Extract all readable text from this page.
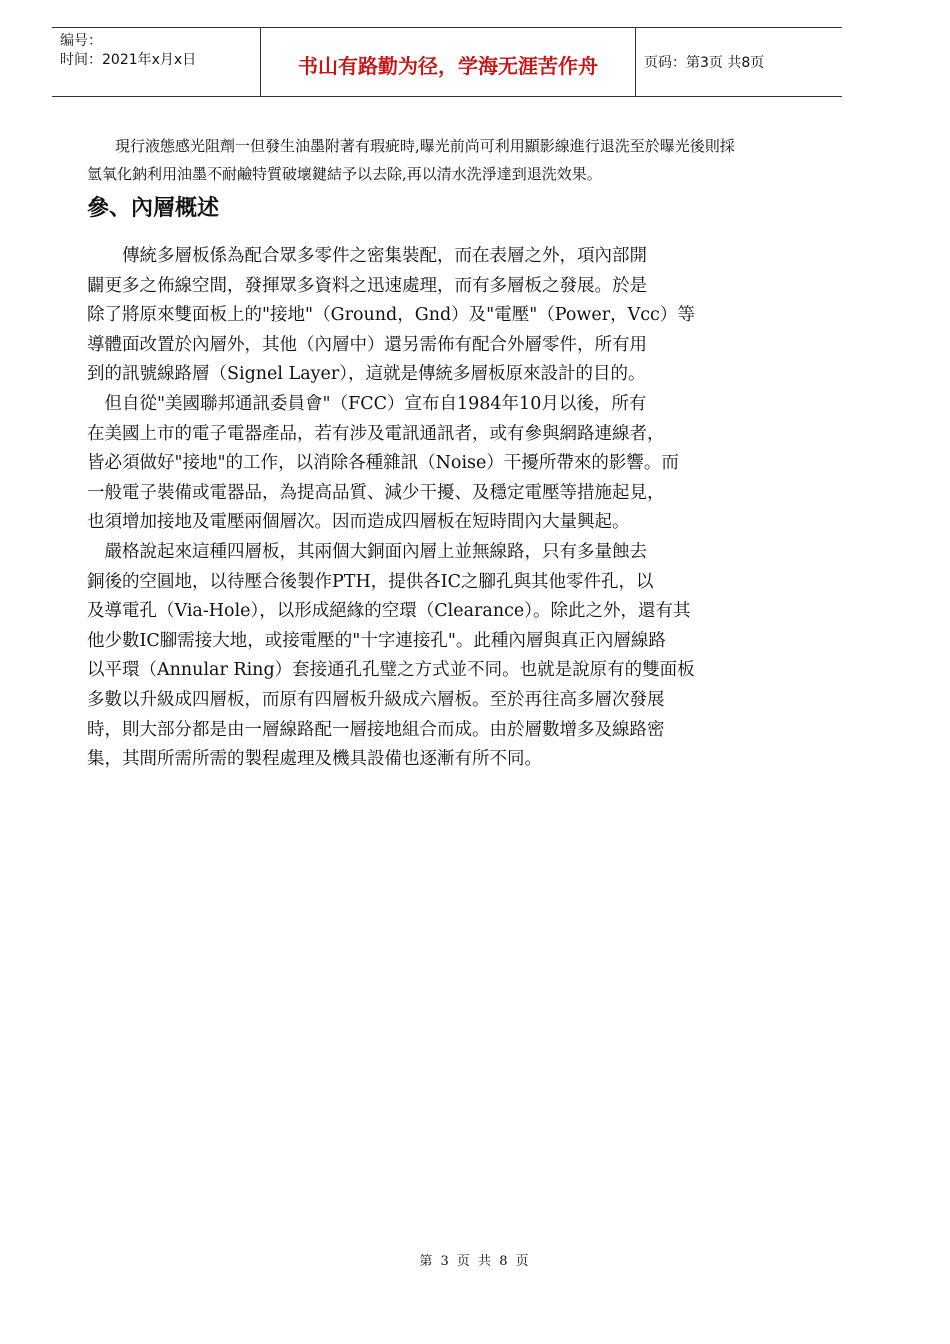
编号：
时间：2021年x月x日	书山有路勤为径，学海无涯苦作舟	页码：第3页 共8页

現行液態感光阻劑一但發生油墨附著有瑕疵時,曝光前尚可利用顯影線進行退洗至於曝光後則採
氫氧化鈉利用油墨不耐鹼特質破壞鍵結予以去除,再以清水洗淨達到退洗效果。

參、內層概述

　　傳統多層板係為配合眾多零件之密集裝配，而在表層之外，項內部開
闢更多之佈線空間，發揮眾多資料之迅速處理，而有多層板之發展。於是
除了將原來雙面板上的"接地"（Ground，Gnd）及"電壓"（Power，Vcc）等
導體面改置於內層外，其他（內層中）還另需佈有配合外層零件，所有用
到的訊號線路層（Signel Layer），這就是傳統多層板原來設計的目的。

　但自從"美國聯邦通訊委員會"（FCC）宣布自1984年10月以後，所有
在美國上市的電子電器產品，若有涉及電訊通訊者，或有參與網路連線者，
皆必須做好"接地"的工作，以消除各種雜訊（Noise）干擾所帶來的影響。而
一般電子裝備或電器品，為提高品質、減少干擾、及穩定電壓等措施起見，
也須增加接地及電壓兩個層次。因而造成四層板在短時間內大量興起。

　嚴格說起來這種四層板，其兩個大銅面內層上並無線路，只有多量蝕去
銅後的空圓地，以待壓合後製作PTH，提供各IC之腳孔與其他零件孔，以
及導電孔（Via-Hole），以形成絕緣的空環（Clearance）。除此之外，還有其
他少數IC腳需接大地，或接電壓的"十字連接孔"。此種內層與真正內層線路
以平環（Annular Ring）套接通孔孔璧之方式並不同。也就是說原有的雙面板
多數以升級成四層板，而原有四層板升級成六層板。至於再往高多層次發展
時，則大部分都是由一層線路配一層接地組合而成。由於層數增多及線路密
集，其間所需所需的製程處理及機具設備也逐漸有所不同。

第 3 页 共 8 页
